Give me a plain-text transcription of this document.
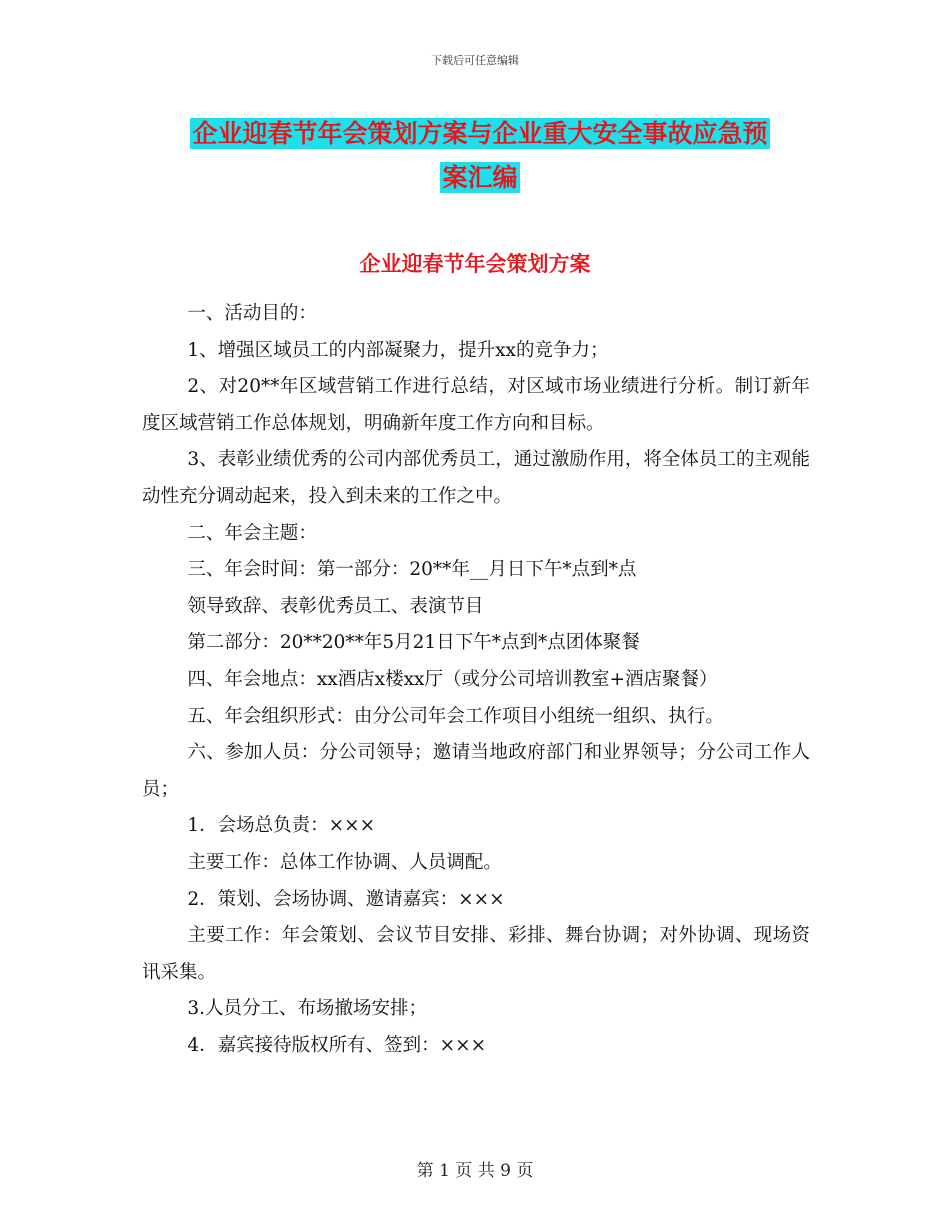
下载后可任意编辑
企业迎春节年会策划方案与企业重大安全事故应急预
案汇编
企业迎春节年会策划方案

一、活动目的：

1、增强区域员工的内部凝聚力，提升xx的竞争力；

2、对20**年区域营销工作进行总结，对区域市场业绩进行分析。制订新年度区域营销工作总体规划，明确新年度工作方向和目标。

3、表彰业绩优秀的公司内部优秀员工，通过激励作用，将全体员工的主观能动性充分调动起来，投入到未来的工作之中。

二、年会主题：

三、年会时间：第一部分：20**年__月日下午*点到*点

领导致辞、表彰优秀员工、表演节目

第二部分：20**20**年5月21日下午*点到*点团体聚餐

四、年会地点：xx酒店x楼xx厅（或分公司培训教室+酒店聚餐）

五、年会组织形式：由分公司年会工作项目小组统一组织、执行。

六、参加人员：分公司领导；邀请当地政府部门和业界领导；分公司工作人员；

1．会场总负责：×××

主要工作：总体工作协调、人员调配。

2．策划、会场协调、邀请嘉宾：×××

主要工作：年会策划、会议节目安排、彩排、舞台协调；对外协调、现场资讯采集。

3.人员分工、布场撤场安排；

4．嘉宾接待版权所有、签到：×××

第 1 页 共 9 页
